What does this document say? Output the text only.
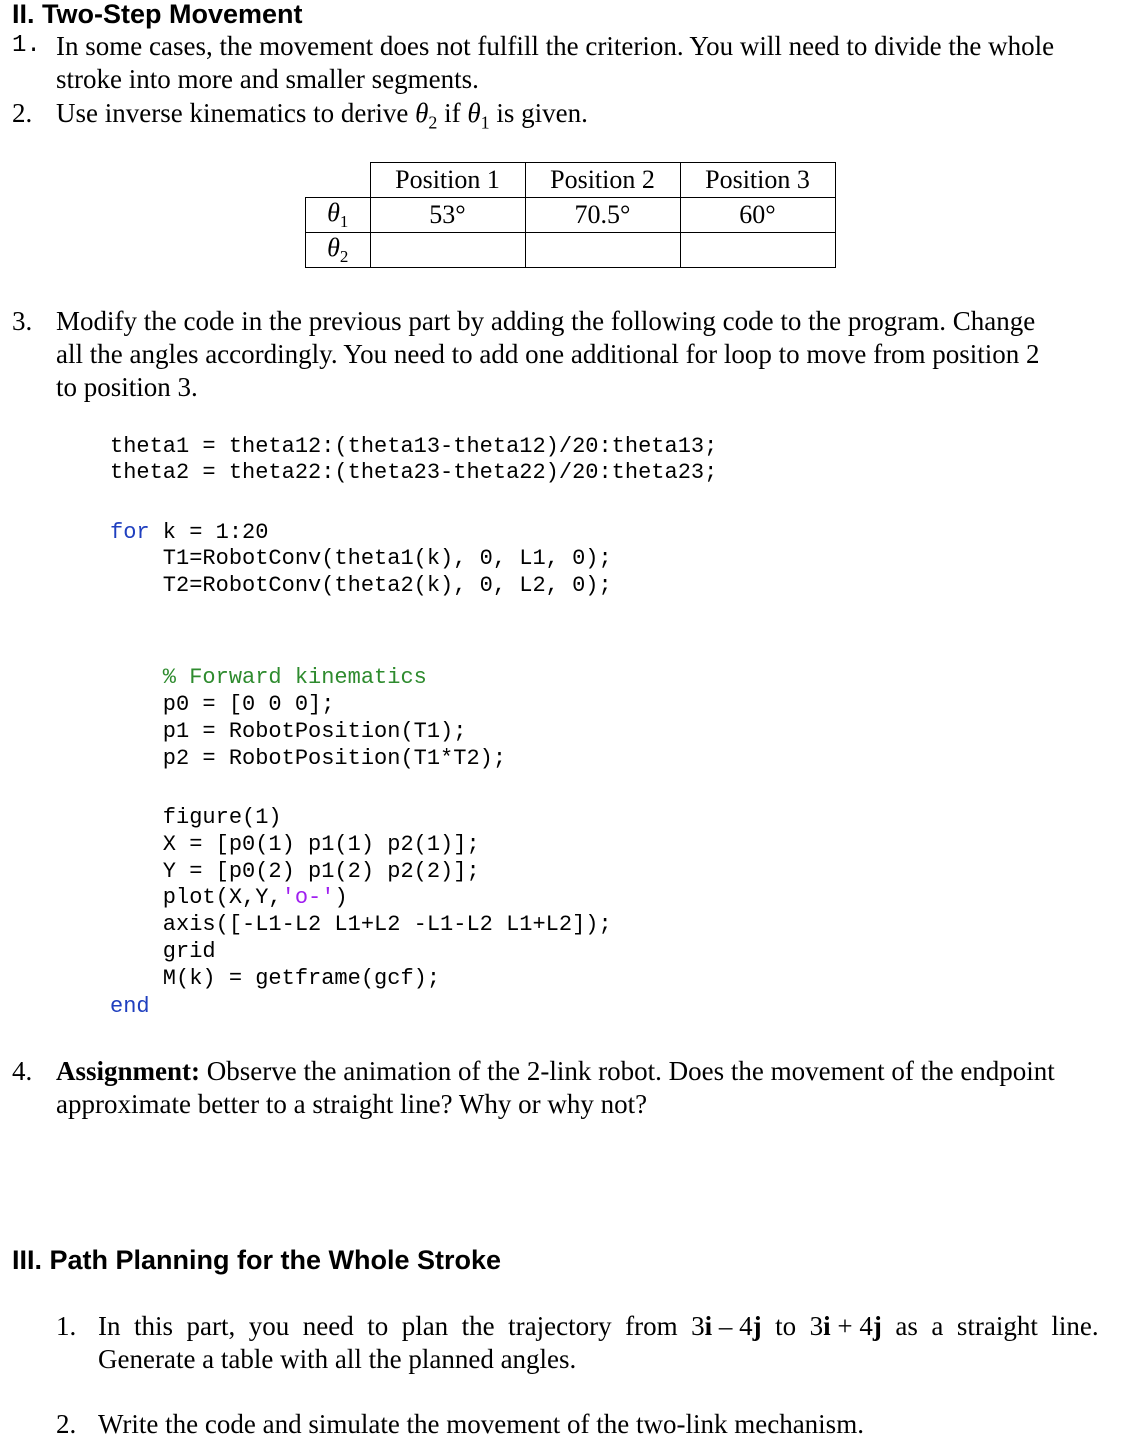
II. Two-Step Movement
1. In some cases, the movement does not fulfill the criterion. You will need to divide the whole
stroke into more and smaller segments.
2. Use inverse kinematics to derive $\theta_2$ if $\theta_1$ is given.
	Position 1	Position 2	Position 3
$\theta_1$	53°	70.5°	60°
$\theta_2$			
3. Modify the code in the previous part by adding the following code to the program. Change
all the angles accordingly. You need to add one additional for loop to move from position 2
to position 3.
theta1 = theta12:(theta13-theta12)/20:theta13;
theta2 = theta22:(theta23-theta22)/20:theta23;
for k = 1:20
T1=RobotConv(theta1(k), 0, L1, 0);
T2=RobotConv(theta2(k), 0, L2, 0);
% Forward kinematics
p0 = [0 0 0];
p1 = RobotPosition(T1);
p2 = RobotPosition(T1*T2);
figure(1)
X = [p0(1) p1(1) p2(1)];
Y = [p0(2) p1(2) p2(2)];
plot(X,Y,'o-')
axis([-L1-L2 L1+L2 -L1-L2 L1+L2]);
grid
M(k) = getframe(gcf);
end
4. Assignment: Observe the animation of the 2-link robot. Does the movement of the endpoint
approximate better to a straight line? Why or why not?
III. Path Planning for the Whole Stroke
1. In  this  part,  you  need  to  plan  the  trajectory  from  3i – 4j  to  3i + 4j  as  a  straight  line.
Generate a table with all the planned angles.
2. Write the code and simulate the movement of the two-link mechanism.
